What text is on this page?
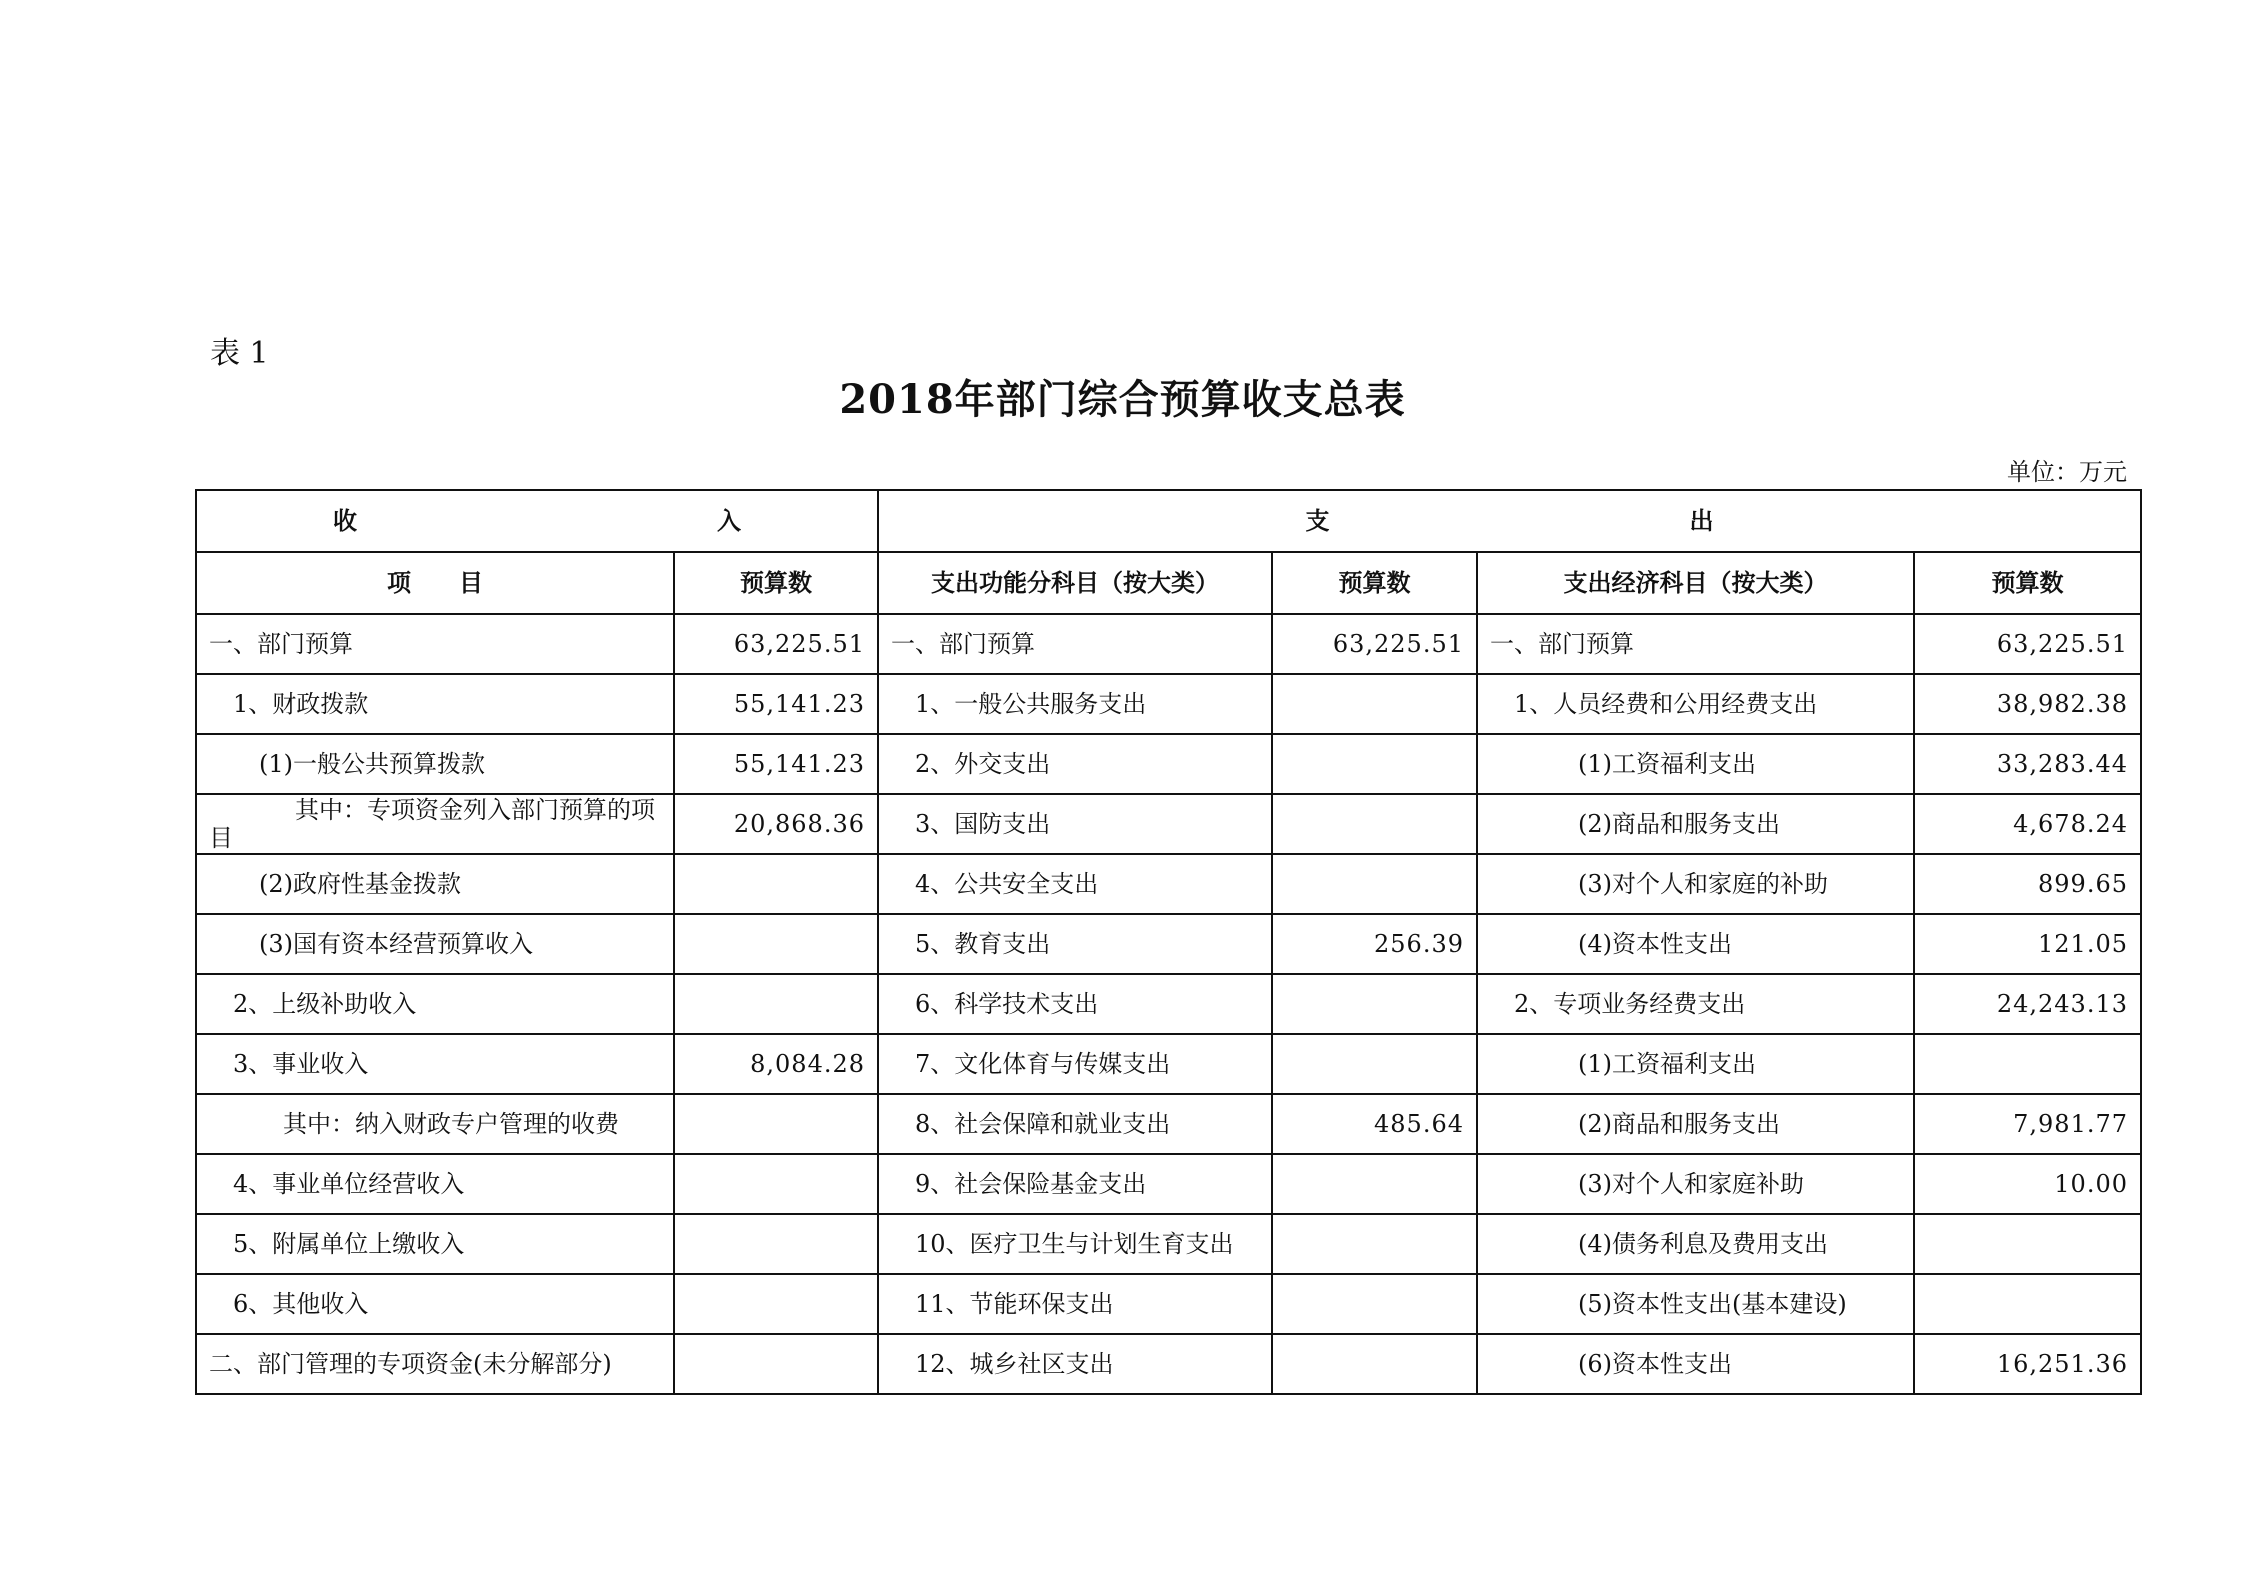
表 1
2018年部门综合预算收支总表
单位：万元
收 入		支 出			
项　　目	预算数	支出功能分科目（按大类）	预算数	支出经济科目（按大类）	预算数
一、部门预算	63,225.51	一、部门预算	63,225.51	一、部门预算	63,225.51
1、财政拨款	55,141.23	1、一般公共服务支出		1、人员经费和公用经费支出	38,982.38
(1)一般公共预算拨款	55,141.23	2、外交支出		(1)工资福利支出	33,283.44
其中：专项资金列入部门预算的项目	20,868.36	3、国防支出		(2)商品和服务支出	4,678.24
(2)政府性基金拨款		4、公共安全支出		(3)对个人和家庭的补助	899.65
(3)国有资本经营预算收入		5、教育支出	256.39	(4)资本性支出	121.05
2、上级补助收入		6、科学技术支出		2、专项业务经费支出	24,243.13
3、事业收入	8,084.28	7、文化体育与传媒支出		(1)工资福利支出	
其中：纳入财政专户管理的收费		8、社会保障和就业支出	485.64	(2)商品和服务支出	7,981.77
4、事业单位经营收入		9、社会保险基金支出		(3)对个人和家庭补助	10.00
5、附属单位上缴收入		10、医疗卫生与计划生育支出		(4)债务利息及费用支出	
6、其他收入		11、节能环保支出		(5)资本性支出(基本建设)	
二、部门管理的专项资金(未分解部分)		12、城乡社区支出		(6)资本性支出	16,251.36
